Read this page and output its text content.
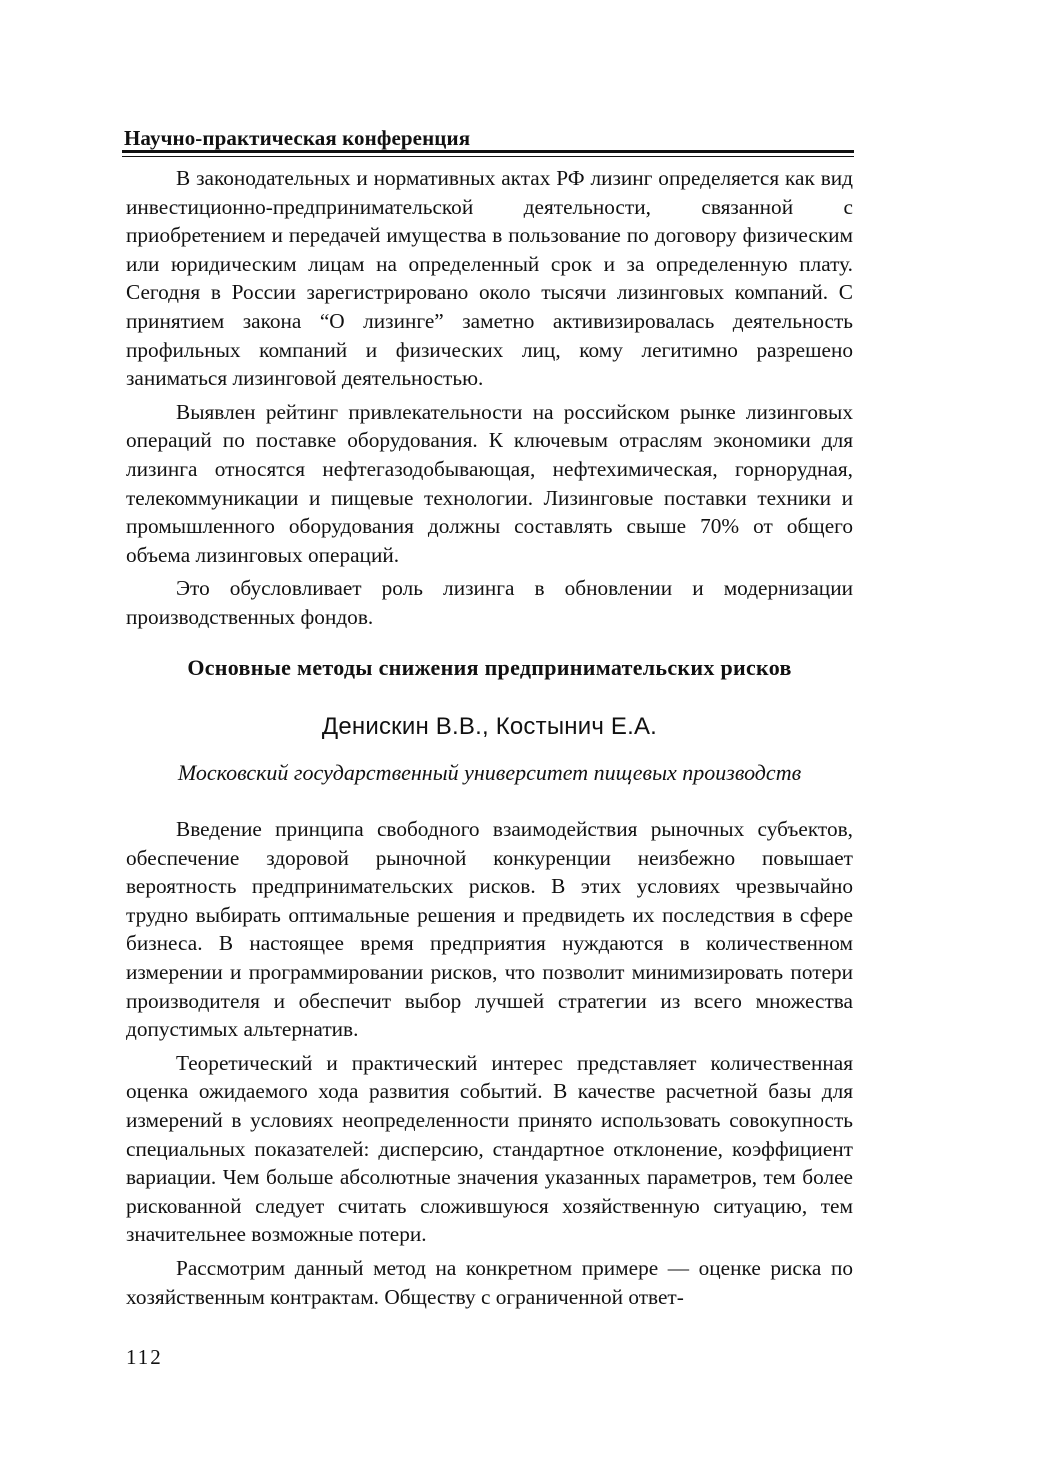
Научно-практическая конференция

В законодательных и нормативных актах РФ лизинг определяется как вид инвестиционно-предпринимательской деятельности, связанной с приобретением и передачей имущества в пользование по договору физическим или юридическим лицам на определенный срок и за определенную плату. Сегодня в России зарегистрировано около тысячи лизинговых компаний. С принятием закона “О лизинге” заметно активизировалась деятельность профильных компаний и физических лиц, кому легитимно разрешено заниматься лизинговой деятельностью.

Выявлен рейтинг привлекательности на российском рынке лизинговых операций по поставке оборудования. К ключевым отраслям экономики для лизинга относятся нефтегазодобывающая, нефтехимическая, горнорудная, телекоммуникации и пищевые технологии. Лизинговые поставки техники и промышленного оборудования должны составлять свыше 70% от общего объема лизинговых операций.

Это обусловливает роль лизинга в обновлении и модернизации производственных фондов.

Основные методы снижения предпринимательских рисков
Денискин В.В., Костынич Е.А.
Московский государственный университет пищевых производств

Введение принципа свободного взаимодействия рыночных субъектов, обеспечение здоровой рыночной конкуренции неизбежно повышает вероятность предпринимательских рисков. В этих условиях чрезвычайно трудно выбирать оптимальные решения и предвидеть их последствия в сфере бизнеса. В настоящее время предприятия нуждаются в количественном измерении и программировании рисков, что позволит минимизировать потери производителя и обеспечит выбор лучшей стратегии из всего множества допустимых альтернатив.

Теоретический и практический интерес представляет количественная оценка ожидаемого хода развития событий. В качестве расчетной базы для измерений в условиях неопределенности принято использовать совокупность специальных показателей: дисперсию, стандартное отклонение, коэффициент вариации. Чем больше абсолютные значения указанных параметров, тем более рискованной следует считать сложившуюся хозяйственную ситуацию, тем значительнее возможные потери.

Рассмотрим данный метод на конкретном примере — оценке риска по хозяйственным контрактам. Обществу с ограниченной ответ-

112
